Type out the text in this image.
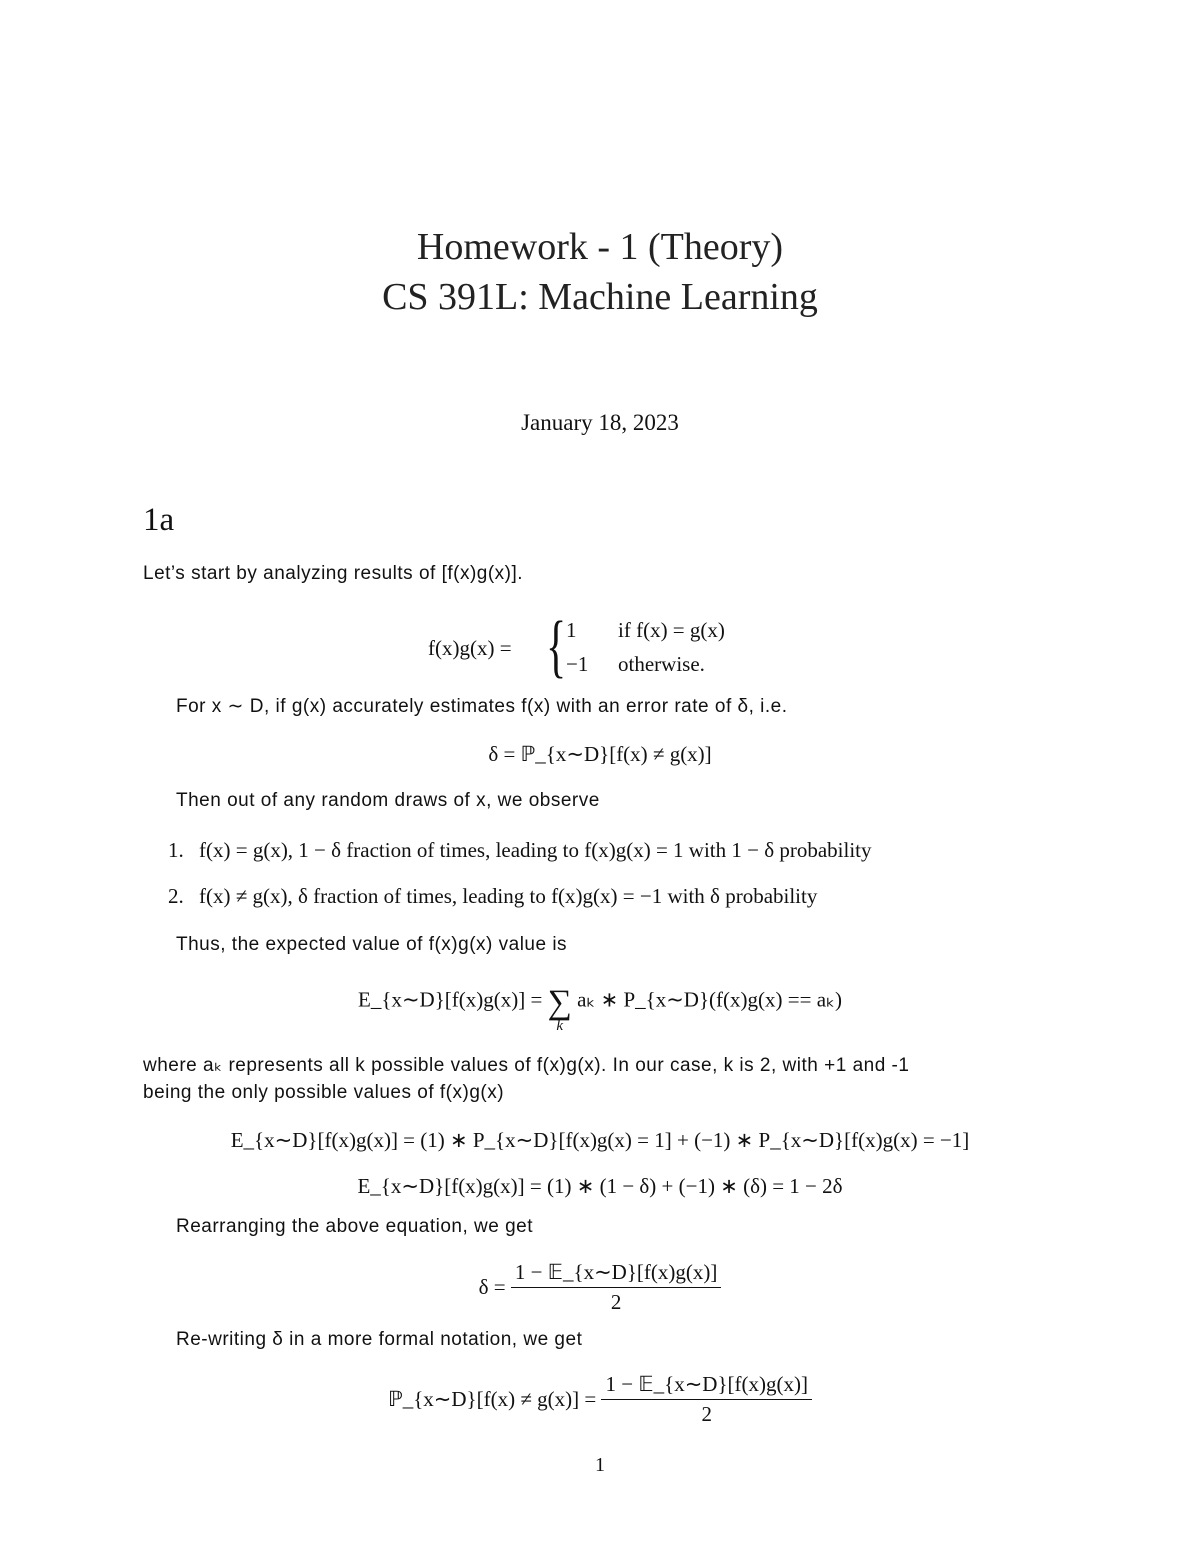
Homework - 1 (Theory)
CS 391L: Machine Learning
January 18, 2023
1a
Let’s start by analyzing results of [f(x)g(x)].
f(x)g(x) = { 1 if f(x) = g(x)
−1 otherwise.
For x ∼ D, if g(x) accurately estimates f(x) with an error rate of δ, i.e.
δ = ℙ_{x∼D}[f(x) ≠ g(x)]
Then out of any random draws of x, we observe
1. f(x) = g(x), 1 − δ fraction of times, leading to f(x)g(x) = 1 with 1 − δ probability
2. f(x) ≠ g(x), δ fraction of times, leading to f(x)g(x) = −1 with δ probability
Thus, the expected value of f(x)g(x) value is
E_{x∼D}[f(x)g(x)] = ∑
k
aₖ ∗ P_{x∼D}(f(x)g(x) == aₖ)
where aₖ represents all k possible values of f(x)g(x). In our case, k is 2, with +1 and -1
being the only possible values of f(x)g(x)
E_{x∼D}[f(x)g(x)] = (1) ∗ P_{x∼D}[f(x)g(x) = 1] + (−1) ∗ P_{x∼D}[f(x)g(x) = −1]
E_{x∼D}[f(x)g(x)] = (1) ∗ (1 − δ) + (−1) ∗ (δ) = 1 − 2δ
Rearranging the above equation, we get
$\delta = \frac{\text{1 − 𝔼\_\{x∼D\}[f(x)g(x)]}}{2}$
Re-writing δ in a more formal notation, we get
ℙ_{x∼D}[f(x) ≠ $g(x)] = \frac{\text{1 − 𝔼\_\{x∼D\}[f(x)g(x)]}}{2}$
1
